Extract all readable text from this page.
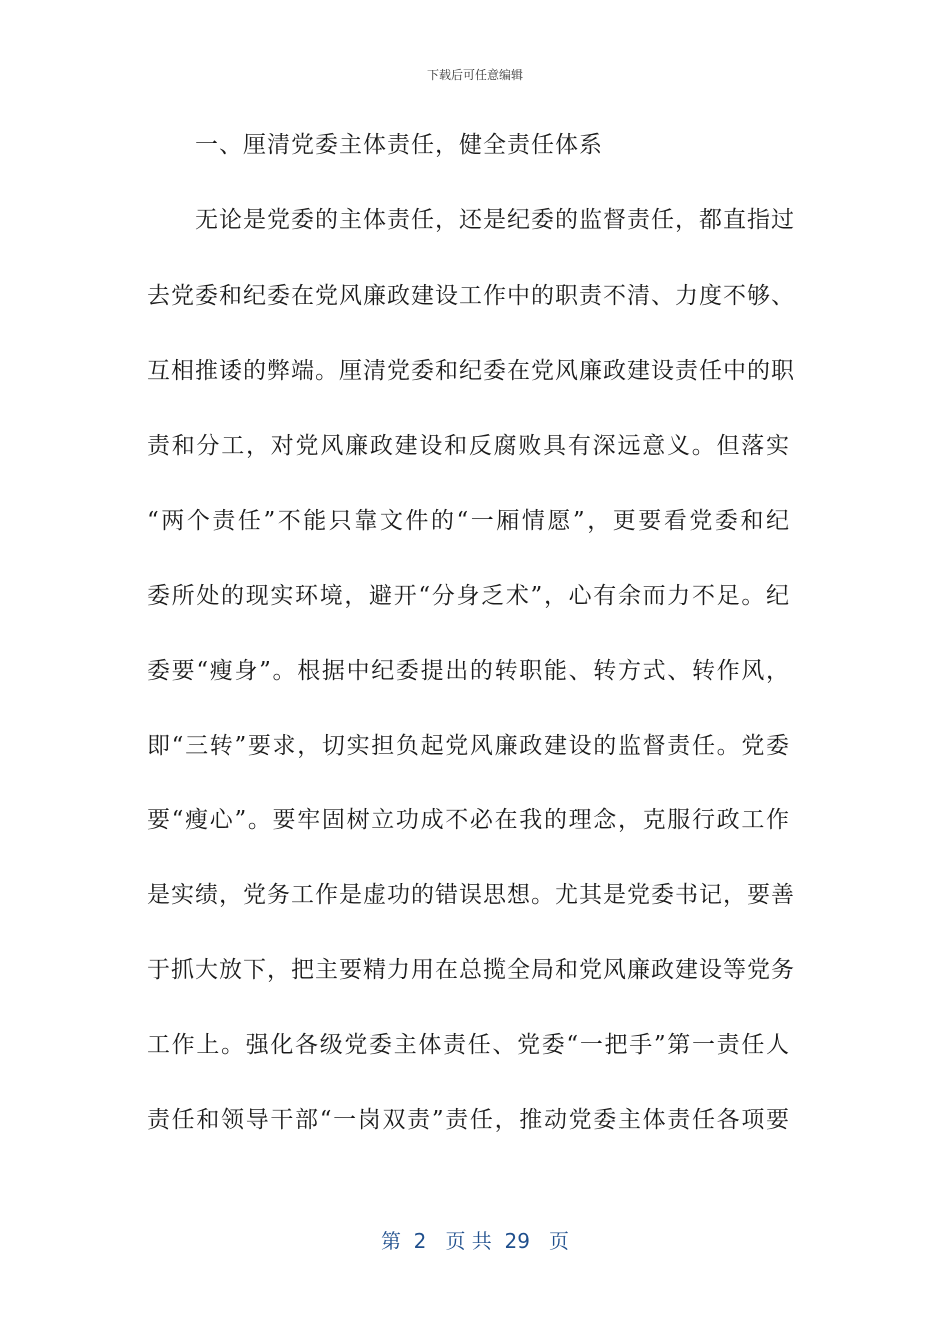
下载后可任意编辑
一、厘清党委主体责任，健全责任体系
无论是党委的主体责任，还是纪委的监督责任，都直指过
去党委和纪委在党风廉政建设工作中的职责不清、力度不够、
互相推诿的弊端。厘清党委和纪委在党风廉政建设责任中的职
责和分工，对党风廉政建设和反腐败具有深远意义。但落实
“两个责任”不能只靠文件的“一厢情愿”，更要看党委和纪
委所处的现实环境，避开“分身乏术”，心有余而力不足。纪
委要“瘦身”。根据中纪委提出的转职能、转方式、转作风，
即“三转”要求，切实担负起党风廉政建设的监督责任。党委
要“瘦心”。要牢固树立功成不必在我的理念，克服行政工作
是实绩，党务工作是虚功的错误思想。尤其是党委书记，要善
于抓大放下，把主要精力用在总揽全局和党风廉政建设等党务
工作上。强化各级党委主体责任、党委“一把手”第一责任人
责任和领导干部“一岗双责”责任，推动党委主体责任各项要
第  2   页 共  29   页
